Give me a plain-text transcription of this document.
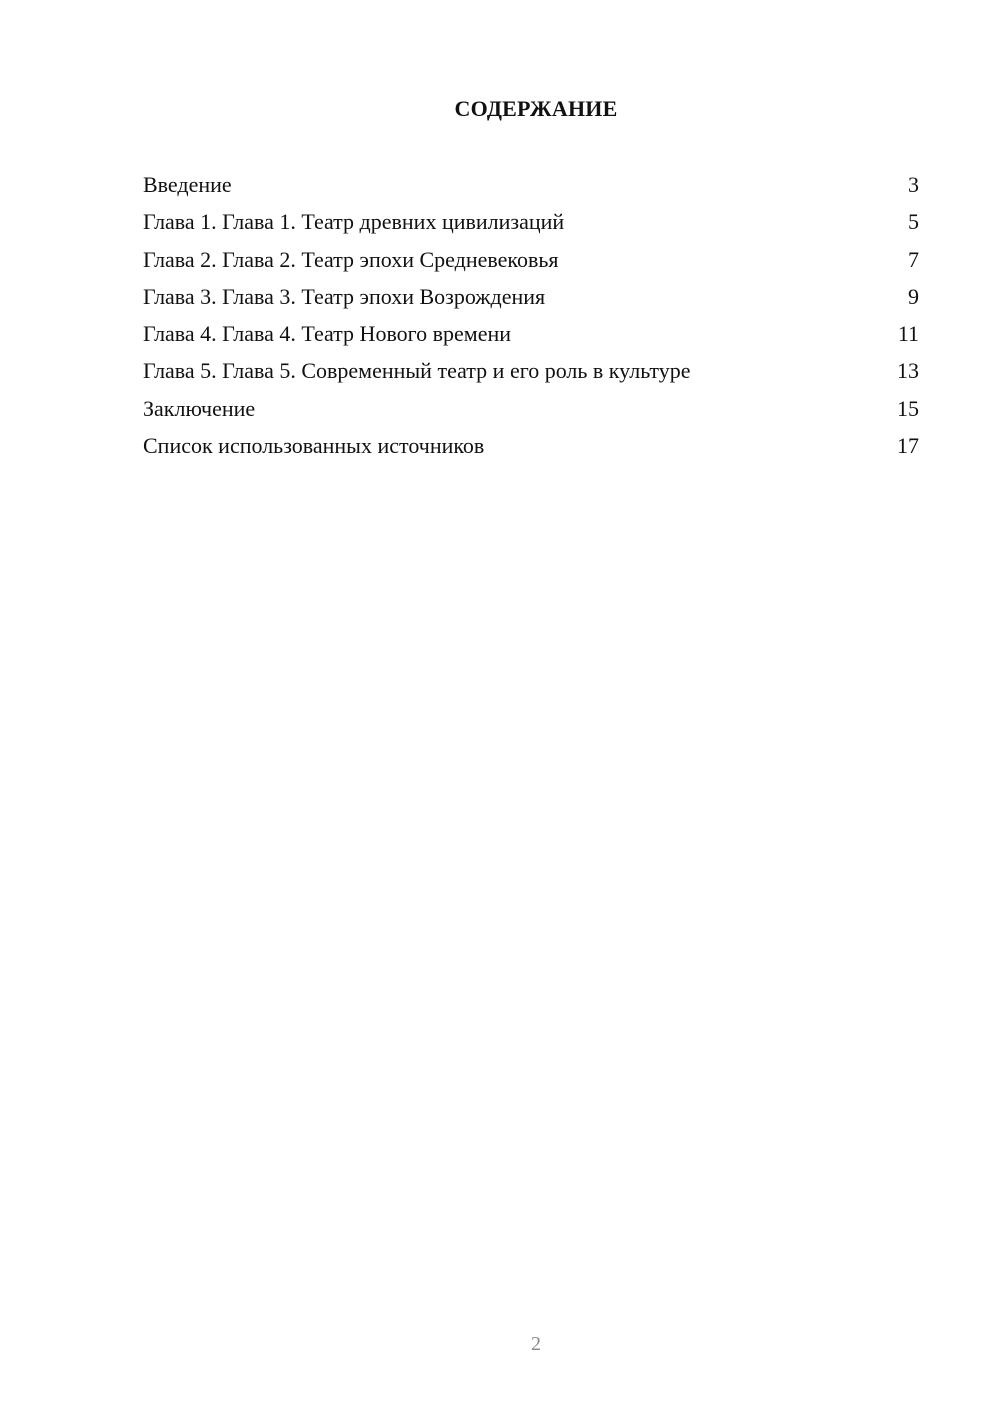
СОДЕРЖАНИЕ
Введение	3
Глава 1. Глава 1. Театр древних цивилизаций	5
Глава 2. Глава 2. Театр эпохи Средневековья	7
Глава 3. Глава 3. Театр эпохи Возрождения	9
Глава 4. Глава 4. Театр Нового времени	11
Глава 5. Глава 5. Современный театр и его роль в культуре	13
Заключение	15
Список использованных источников	17
2
